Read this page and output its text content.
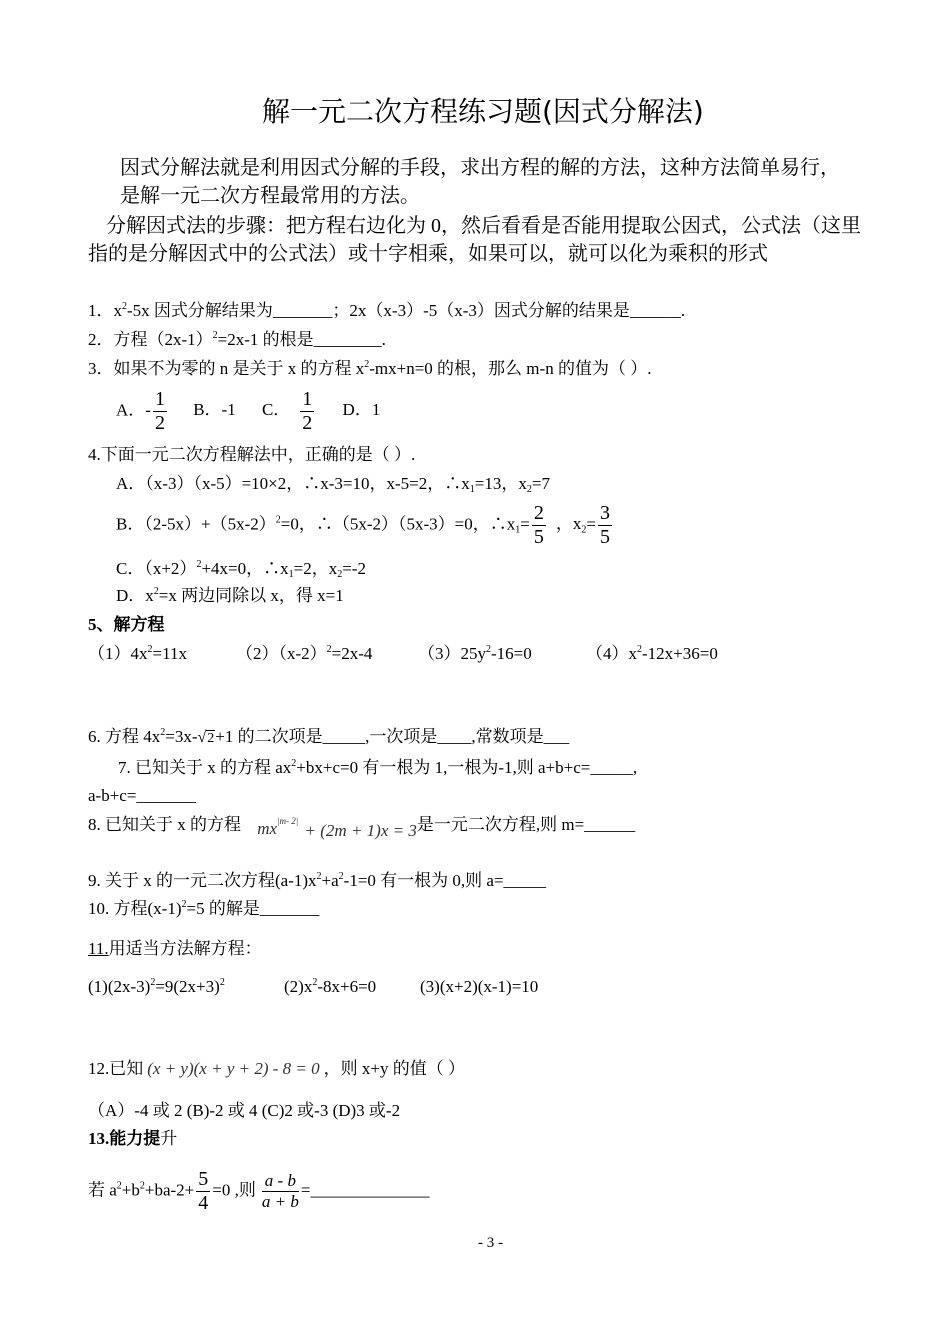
解一元二次方程练习题(因式分解法)
因式分解法就是利用因式分解的手段，求出方程的解的方法，这种方法简单易行，
是解一元二次方程最常用的方法。
分解因式法的步骤：把方程右边化为 0，然后看看是否能用提取公因式，公式法（这里
指的是分解因式中的公式法）或十字相乘，如果可以，就可以化为乘积的形式
1．$x^2-5x$ 因式分解结果为_______；2x（x-3）-5（x-3）因式分解的结果是______.
2．方程$(2x-1)^2=2x-1$ 的根是________.
3．如果不为零的 n 是关于 x 的方程 $x^2-mx+n=0$ 的根，那么 m-n 的值为（ ）.
A．- $\frac{1}{2}$ B．-1 C． $\frac{1}{2}$ D．1
4.下面一元二次方程解法中，正确的是（ ）.
A．（x-3）（x-5）=10×2，∴x-3=10，x-5=2，$\therefore x_1=13$，$x_2=7$
B．$(2-5x)+(5x-2)^2=0$，∴（5x-2）（5x-3）=0，$\therefore x_1= \frac{2}{5}$ ，$x_2= \frac{3}{5}$
C．$(x+2)^2+4x=0$，$\therefore x_1=2$，$x_2=-2$
D．$x^2=x$ 两边同除以 x，得 x=1
5、解方程
$(1)4x^2=11x$	$(2)(x-2)^2=2x-4$	$(3)25y^2-16=0$	$(4)x^2-12x+36=0$
6. 方程 $4x^2=3x-√2+1$ 的二次项是_____,一次项是____,常数项是___
7. 已知关于 x 的方程 $ax^2+bx+c=0$ 有一根为 1,一根为-1,则 a+b+c=_____,
a-b+c=_______
8. 已知关于 x 的方程 $mx^{|m- 2|} + (2m + 1)x = 3$是一元二次方程,则 m=______
9. 关于 x 的一元二次方程$(a-1)x^2+a^2-1=0$ 有一根为 0,则 a=_____
10. 方程$(x-1)^2=5$ 的解是_______
11.用适当方法解方程：
$(1)(2x-3)^2=9(2x+3)^2$	$(2)x^2-8x+6=0$	(3)(x+2)(x-1)=10
12.已知 (x + y)(x + y + 2) - 8 = 0 ，则 x+y 的值（ ）
（A）-4 或 2 (B)-2 或 4 (C)2 或-3 (D)3 或-2
13.能力提升
若 $a^2+b^2+ba-2+ \frac{5}{4} =0$ ,则 $\frac{a - b}{a + b}$ =______________
- 3 -
